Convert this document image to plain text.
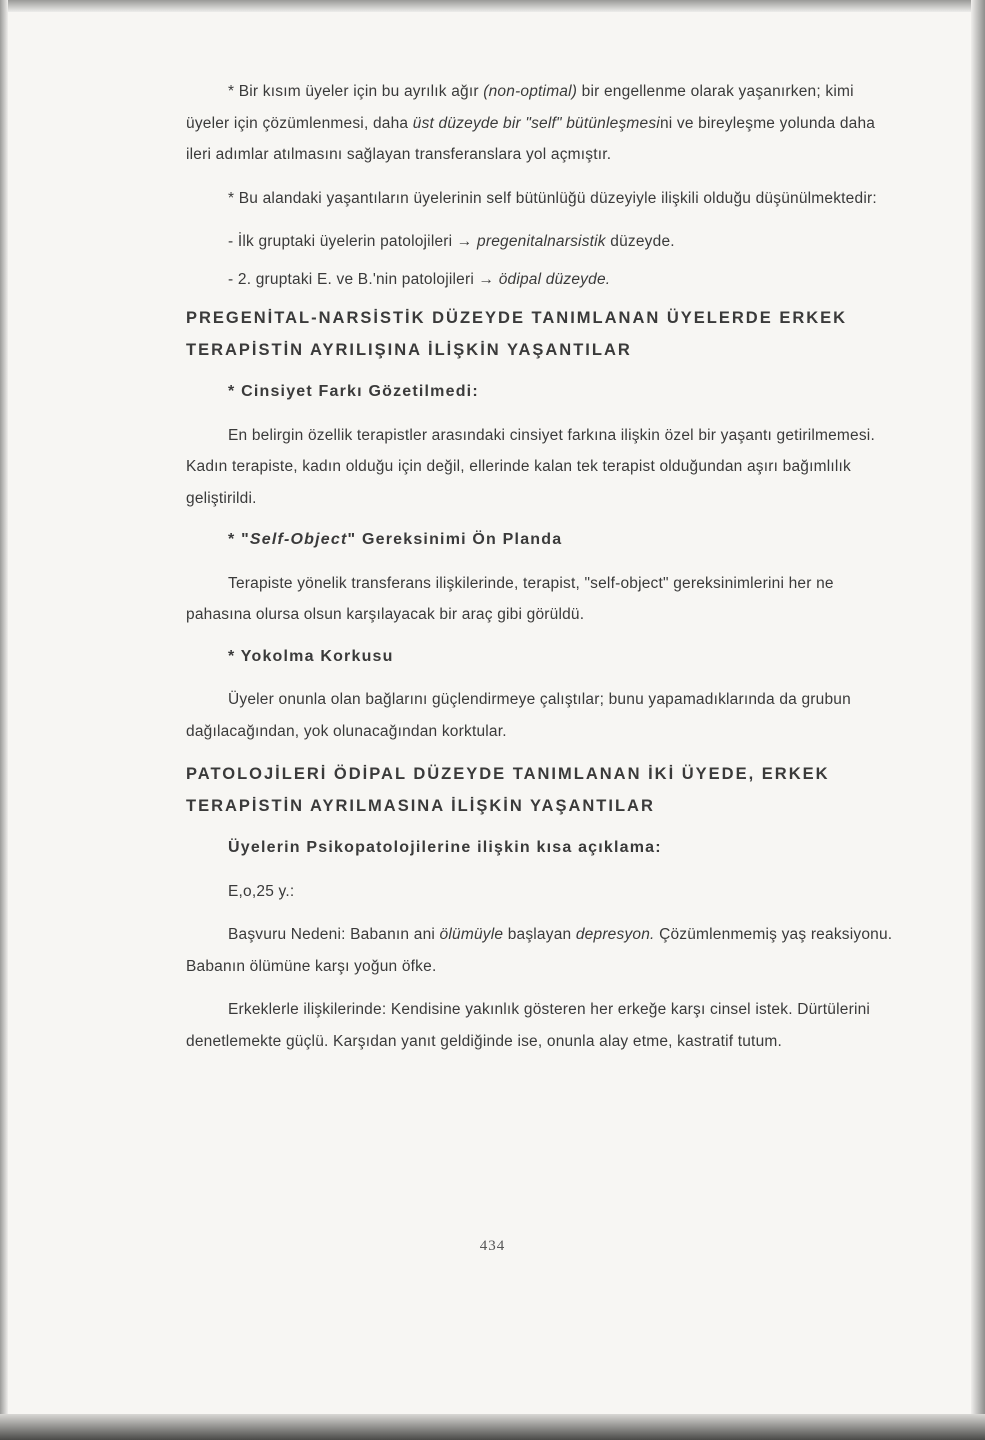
* Bir kısım üyeler için bu ayrılık ağır (non-optimal) bir engellenme olarak yaşanırken; kimi üyeler için çözümlenmesi, daha üst düzeyde bir "self" bütünleşmesini ve bireyleşme yolunda daha ileri adımlar atılmasını sağlayan transferanslara yol açmıştır.

* Bu alandaki yaşantıların üyelerinin self bütünlüğü düzeyiyle ilişkili olduğu düşünülmektedir:

- İlk gruptaki üyelerin patolojileri → pregenitalnarsistik düzeyde.

- 2. gruptaki E. ve B.'nin patolojileri → ödipal düzeyde.

PREGENİTAL-NARSİSTİK DÜZEYDE TANIMLANAN ÜYELERDE ERKEK TERAPİSTİN AYRILIŞINA İLİŞKİN YAŞANTILAR

* Cinsiyet Farkı Gözetilmedi:

En belirgin özellik terapistler arasındaki cinsiyet farkına ilişkin özel bir yaşantı getirilmemesi. Kadın terapiste, kadın olduğu için değil, ellerinde kalan tek terapist olduğundan aşırı bağımlılık geliştirildi.

* "Self-Object" Gereksinimi Ön Planda

Terapiste yönelik transferans ilişkilerinde, terapist, "self-object" gereksinimlerini her ne pahasına olursa olsun karşılayacak bir araç gibi görüldü.

* Yokolma Korkusu

Üyeler onunla olan bağlarını güçlendirmeye çalıştılar; bunu yapamadıklarında da grubun dağılacağından, yok olunacağından korktular.

PATOLOJİLERİ ÖDİPAL DÜZEYDE TANIMLANAN İKİ ÜYEDE, ERKEK TERAPİSTİN AYRILMASINA İLİŞKİN YAŞANTILAR

Üyelerin Psikopatolojilerine ilişkin kısa açıklama:

E,o,25 y.:

Başvuru Nedeni: Babanın ani ölümüyle başlayan depresyon. Çözümlenmemiş yaş reaksiyonu. Babanın ölümüne karşı yoğun öfke.

Erkeklerle ilişkilerinde: Kendisine yakınlık gösteren her erkeğe karşı cinsel istek. Dürtülerini denetlemekte güçlü. Karşıdan yanıt geldiğinde ise, onunla alay etme, kastratif tutum.

434
